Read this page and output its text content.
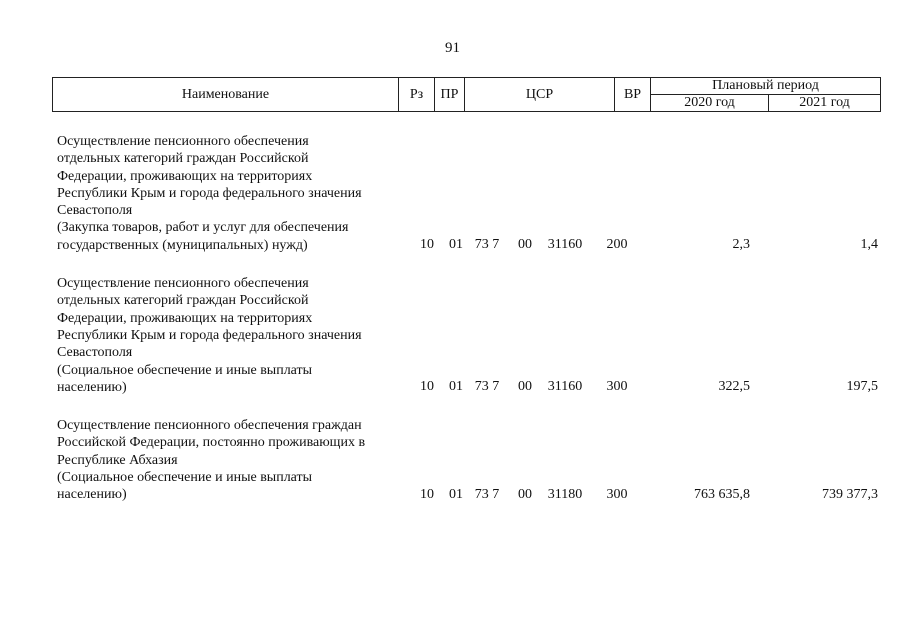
91
Наименование	Рз	ПР	ЦСР	ВР	Плановый период	
					2020 год	2021 год
Осуществление пенсионного обеспечения
отдельных категорий граждан Российской
Федерации, проживающих на территориях
Республики Крым и города федерального значения
Севастополя
(Закупка товаров, работ и услуг для обеспечения
государственных (муниципальных) нужд)	10	01 73 7	00	31160	200	2,3	1,4
Осуществление пенсионного обеспечения
отдельных категорий граждан Российской
Федерации, проживающих на территориях
Республики Крым и города федерального значения
Севастополя
(Социальное обеспечение и иные выплаты
населению)	10	01 73 7	00	31160	300	322,5	197,5
Осуществление пенсионного обеспечения граждан
Российской Федерации, постоянно проживающих в
Республике Абхазия
(Социальное обеспечение и иные выплаты
населению)	10	01 73 7	00	31180	300	763 635,8	739 377,3
